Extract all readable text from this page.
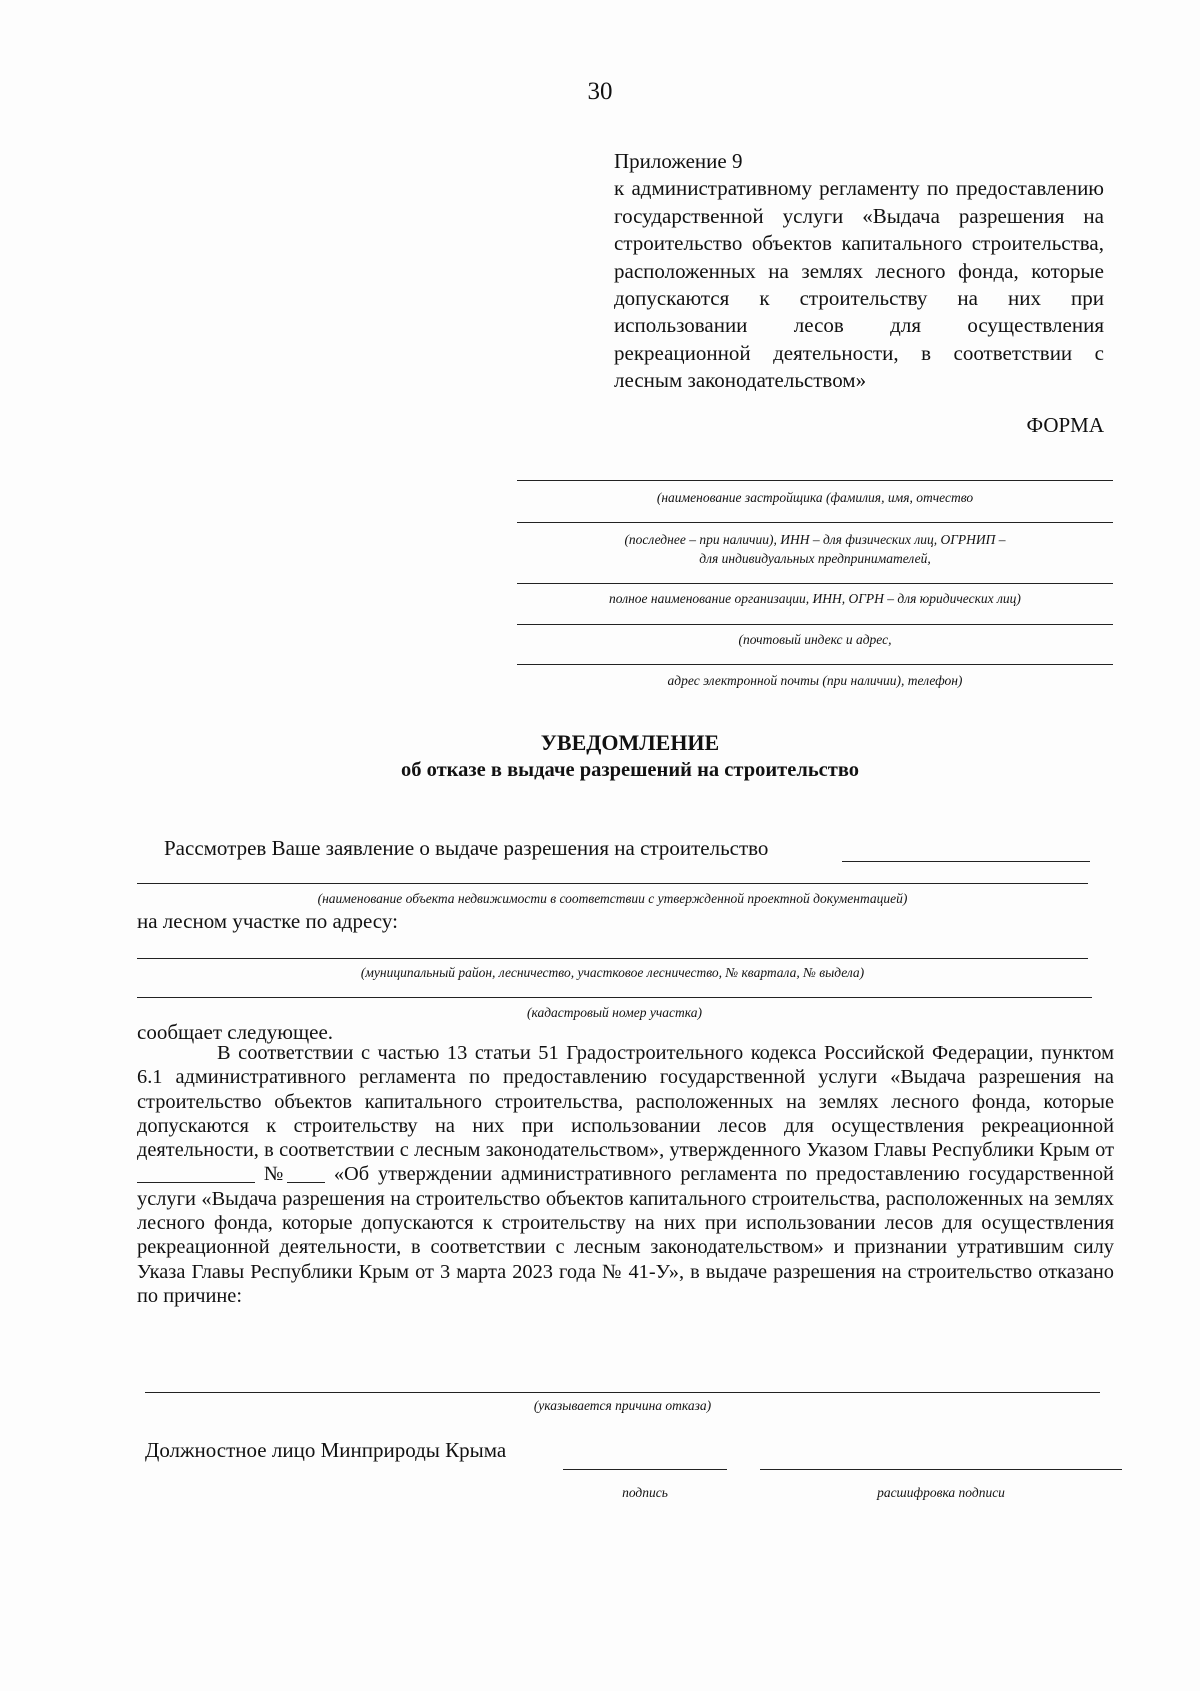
30
Приложение 9
к административному регламенту по предоставлению государственной услуги «Выдача разрешения на строительство объектов капитального строительства, расположенных на землях лесного фонда, которые допускаются к строительству на них при использовании лесов для осуществления рекреационной деятельности, в соответствии с лесным законодательством»
ФОРМА
(наименование застройщика (фамилия, имя, отчество
(последнее – при наличии), ИНН – для физических лиц, ОГРНИП –
для индивидуальных предпринимателей,
полное наименование организации, ИНН, ОГРН – для юридических лиц)
(почтовый индекс и адрес,
адрес электронной почты (при наличии), телефон)
УВЕДОМЛЕНИЕ
об отказе в выдаче разрешений на строительство
Рассмотрев Ваше заявление о выдаче разрешения на строительство
(наименование объекта недвижимости в соответствии с утвержденной проектной документацией)
на лесном участке по адресу:
(муниципальный район, лесничество, участковое лесничество, № квартала, № выдела)
(кадастровый номер участка)
сообщает следующее.
В соответствии с частью 13 статьи 51 Градостроительного кодекса Российской Федерации, пунктом 6.1 административного регламента по предоставлению государственной услуги «Выдача разрешения на строительство объектов капитального строительства, расположенных на землях лесного фонда, которые допускаются к строительству на них при использовании лесов для осуществления рекреационной деятельности, в соответствии с лесным законодательством», утвержденного Указом Главы Республики Крым от  № «Об утверждении административного регламента по предоставлению государственной услуги «Выдача разрешения на строительство объектов капитального строительства, расположенных на землях лесного фонда, которые допускаются к строительству на них при использовании лесов для осуществления рекреационной деятельности, в соответствии с лесным законодательством» и признании утратившим силу Указа Главы Республики Крым от 3 марта 2023 года № 41-У», в выдаче разрешения на строительство отказано по причине:
(указывается причина отказа)
Должностное лицо Минприроды Крыма
подпись	расшифровка подписи
